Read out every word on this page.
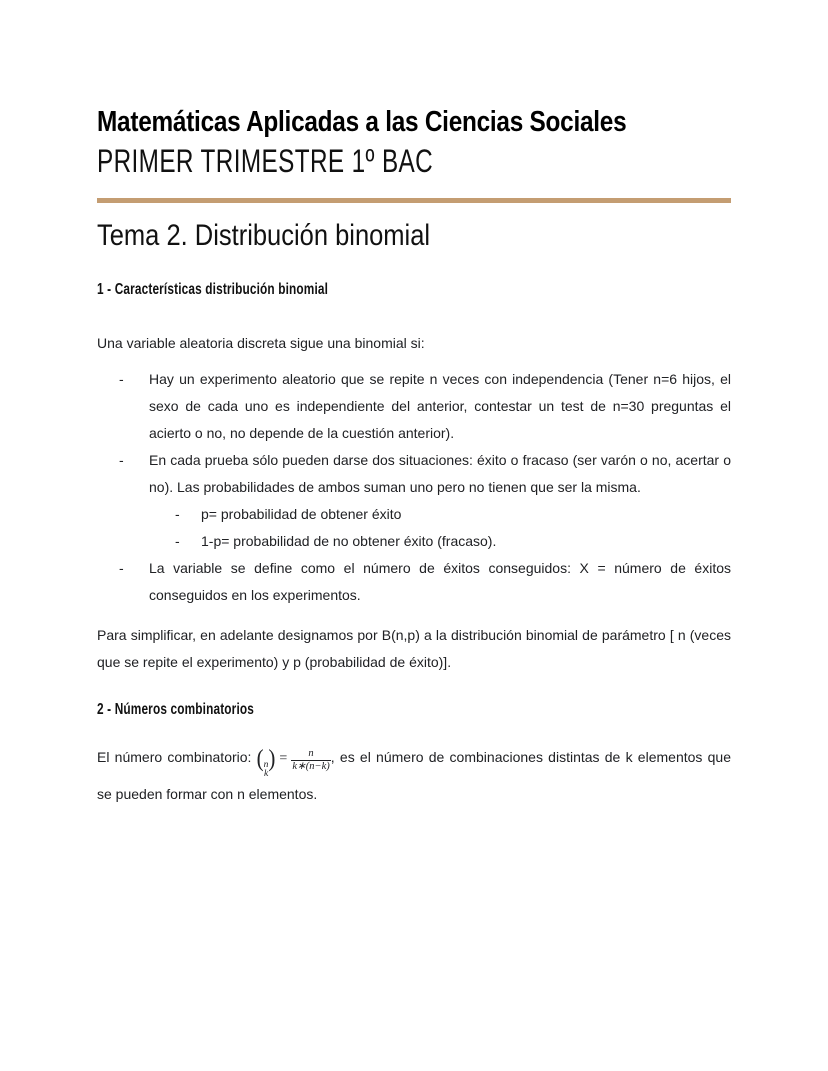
Matemáticas Aplicadas a las Ciencias Sociales
PRIMER TRIMESTRE 1º BAC
Tema 2. Distribución binomial
1 - Características distribución binomial

Una variable aleatoria discreta sigue una binomial si:

- Hay un experimento aleatorio que se repite n veces con independencia (Tener n=6 hijos, el sexo de cada uno es independiente del anterior, contestar un test de n=30 preguntas el acierto o no, no depende de la cuestión anterior).
- En cada prueba sólo pueden darse dos situaciones: éxito o fracaso (ser varón o no, acertar o no). Las probabilidades de ambos suman uno pero no tienen que ser la misma.
- p= probabilidad de obtener éxito
- 1-p= probabilidad de no obtener éxito (fracaso).
- La variable se define como el número de éxitos conseguidos: X = número de éxitos conseguidos en los experimentos.

Para simplificar, en adelante designamos por B(n,p) a la distribución binomial de parámetro [ n (veces que se repite el experimento) y p (probabilidad de éxito)].

2 - Números combinatorios

El número combinatorio: ( n
k
) = $\frac{n}{k∗(n-k)}$ , es el número de combinaciones distintas de k elementos que se pueden formar con n elementos.
